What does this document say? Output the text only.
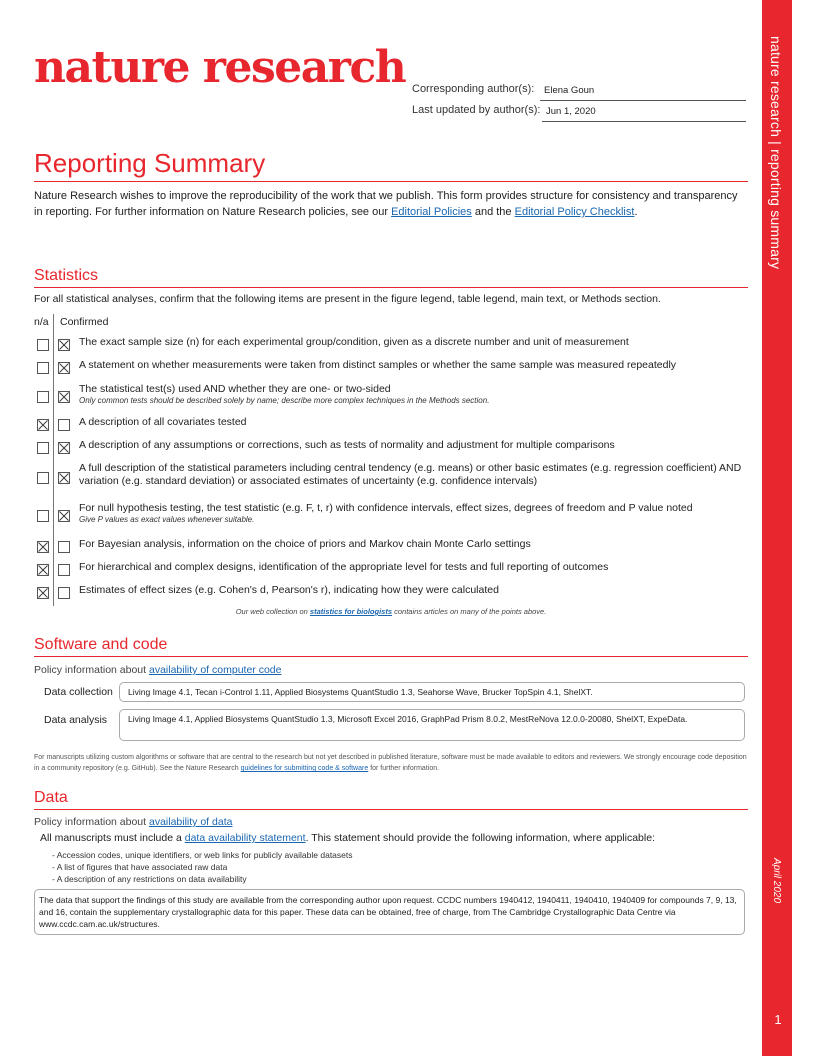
nature research | reporting summary
April 2020
1
nature research Corresponding author(s): Elena Goun
Last updated by author(s): Jun 1, 2020
Reporting Summary
Nature Research wishes to improve the reproducibility of the work that we publish. This form provides structure for consistency and transparency in reporting. For further information on Nature Research policies, see our Editorial Policies and the Editorial Policy Checklist.
Statistics
For all statistical analyses, confirm that the following items are present in the figure legend, table legend, main text, or Methods section.
n/a Confirmed
The exact sample size (n) for each experimental group/condition, given as a discrete number and unit of measurement
A statement on whether measurements were taken from distinct samples or whether the same sample was measured repeatedly
The statistical test(s) used AND whether they are one- or two-sided
Only common tests should be described solely by name; describe more complex techniques in the Methods section.
A description of all covariates tested
A description of any assumptions or corrections, such as tests of normality and adjustment for multiple comparisons
A full description of the statistical parameters including central tendency (e.g. means) or other basic estimates (e.g. regression coefficient) AND variation (e.g. standard deviation) or associated estimates of uncertainty (e.g. confidence intervals)
For null hypothesis testing, the test statistic (e.g. F, t, r) with confidence intervals, effect sizes, degrees of freedom and P value noted
Give P values as exact values whenever suitable.
For Bayesian analysis, information on the choice of priors and Markov chain Monte Carlo settings
For hierarchical and complex designs, identification of the appropriate level for tests and full reporting of outcomes
Estimates of effect sizes (e.g. Cohen's d, Pearson's r), indicating how they were calculated
Our web collection on statistics for biologists contains articles on many of the points above.
Software and code
Policy information about availability of computer code
Data collection	Living Image 4.1, Tecan i-Control 1.11, Applied Biosystems QuantStudio 1.3, Seahorse Wave, Brucker TopSpin 4.1, ShelXT.
Data analysis	Living Image 4.1, Applied Biosystems QuantStudio 1.3, Microsoft Excel 2016, GraphPad Prism 8.0.2, MestReNova 12.0.0-20080, ShelXT, ExpeData.
For manuscripts utilizing custom algorithms or software that are central to the research but not yet described in published literature, software must be made available to editors and reviewers. We strongly encourage code deposition in a community repository (e.g. GitHub). See the Nature Research guidelines for submitting code & software for further information.
Data
Policy information about availability of data
All manuscripts must include a data availability statement. This statement should provide the following information, where applicable:
- Accession codes, unique identifiers, or web links for publicly available datasets
- A list of figures that have associated raw data
- A description of any restrictions on data availability
The data that support the findings of this study are available from the corresponding author upon request. CCDC numbers 1940412, 1940411, 1940410, 1940409 for compounds 7, 9, 13, and 16, contain the supplementary crystallographic data for this paper. These data can be obtained, free of charge, from The Cambridge Crystallographic Data Centre via www.ccdc.cam.ac.uk/structures.
